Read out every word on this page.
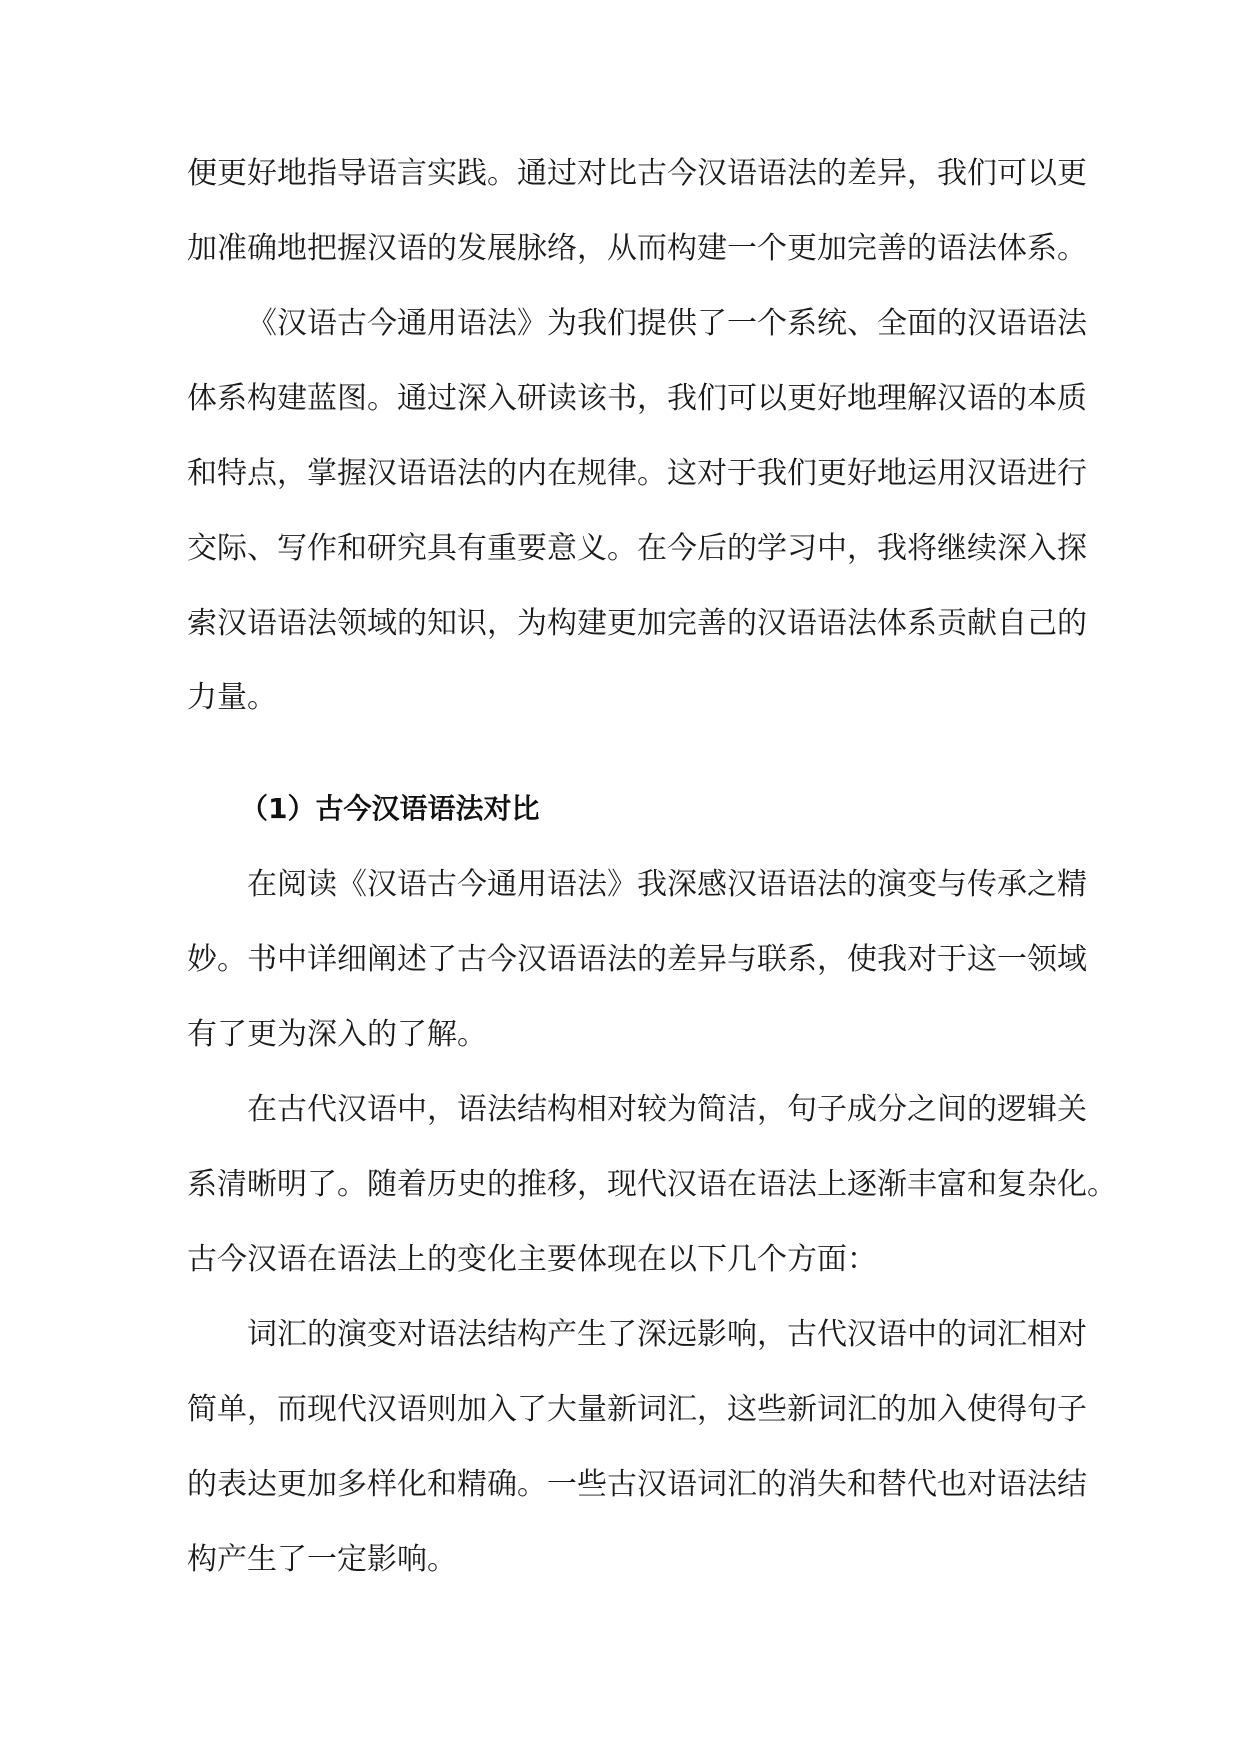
便更好地指导语言实践。通过对比古今汉语语法的差异，我们可以更
加准确地把握汉语的发展脉络，从而构建一个更加完善的语法体系。
《汉语古今通用语法》为我们提供了一个系统、全面的汉语语法
体系构建蓝图。通过深入研读该书，我们可以更好地理解汉语的本质
和特点，掌握汉语语法的内在规律。这对于我们更好地运用汉语进行
交际、写作和研究具有重要意义。在今后的学习中，我将继续深入探
索汉语语法领域的知识，为构建更加完善的汉语语法体系贡献自己的
力量。
（1）古今汉语语法对比
在阅读《汉语古今通用语法》我深感汉语语法的演变与传承之精
妙。书中详细阐述了古今汉语语法的差异与联系，使我对于这一领域
有了更为深入的了解。
在古代汉语中，语法结构相对较为简洁，句子成分之间的逻辑关
系清晰明了。随着历史的推移，现代汉语在语法上逐渐丰富和复杂化。
古今汉语在语法上的变化主要体现在以下几个方面：
词汇的演变对语法结构产生了深远影响，古代汉语中的词汇相对
简单，而现代汉语则加入了大量新词汇，这些新词汇的加入使得句子
的表达更加多样化和精确。一些古汉语词汇的消失和替代也对语法结
构产生了一定影响。
